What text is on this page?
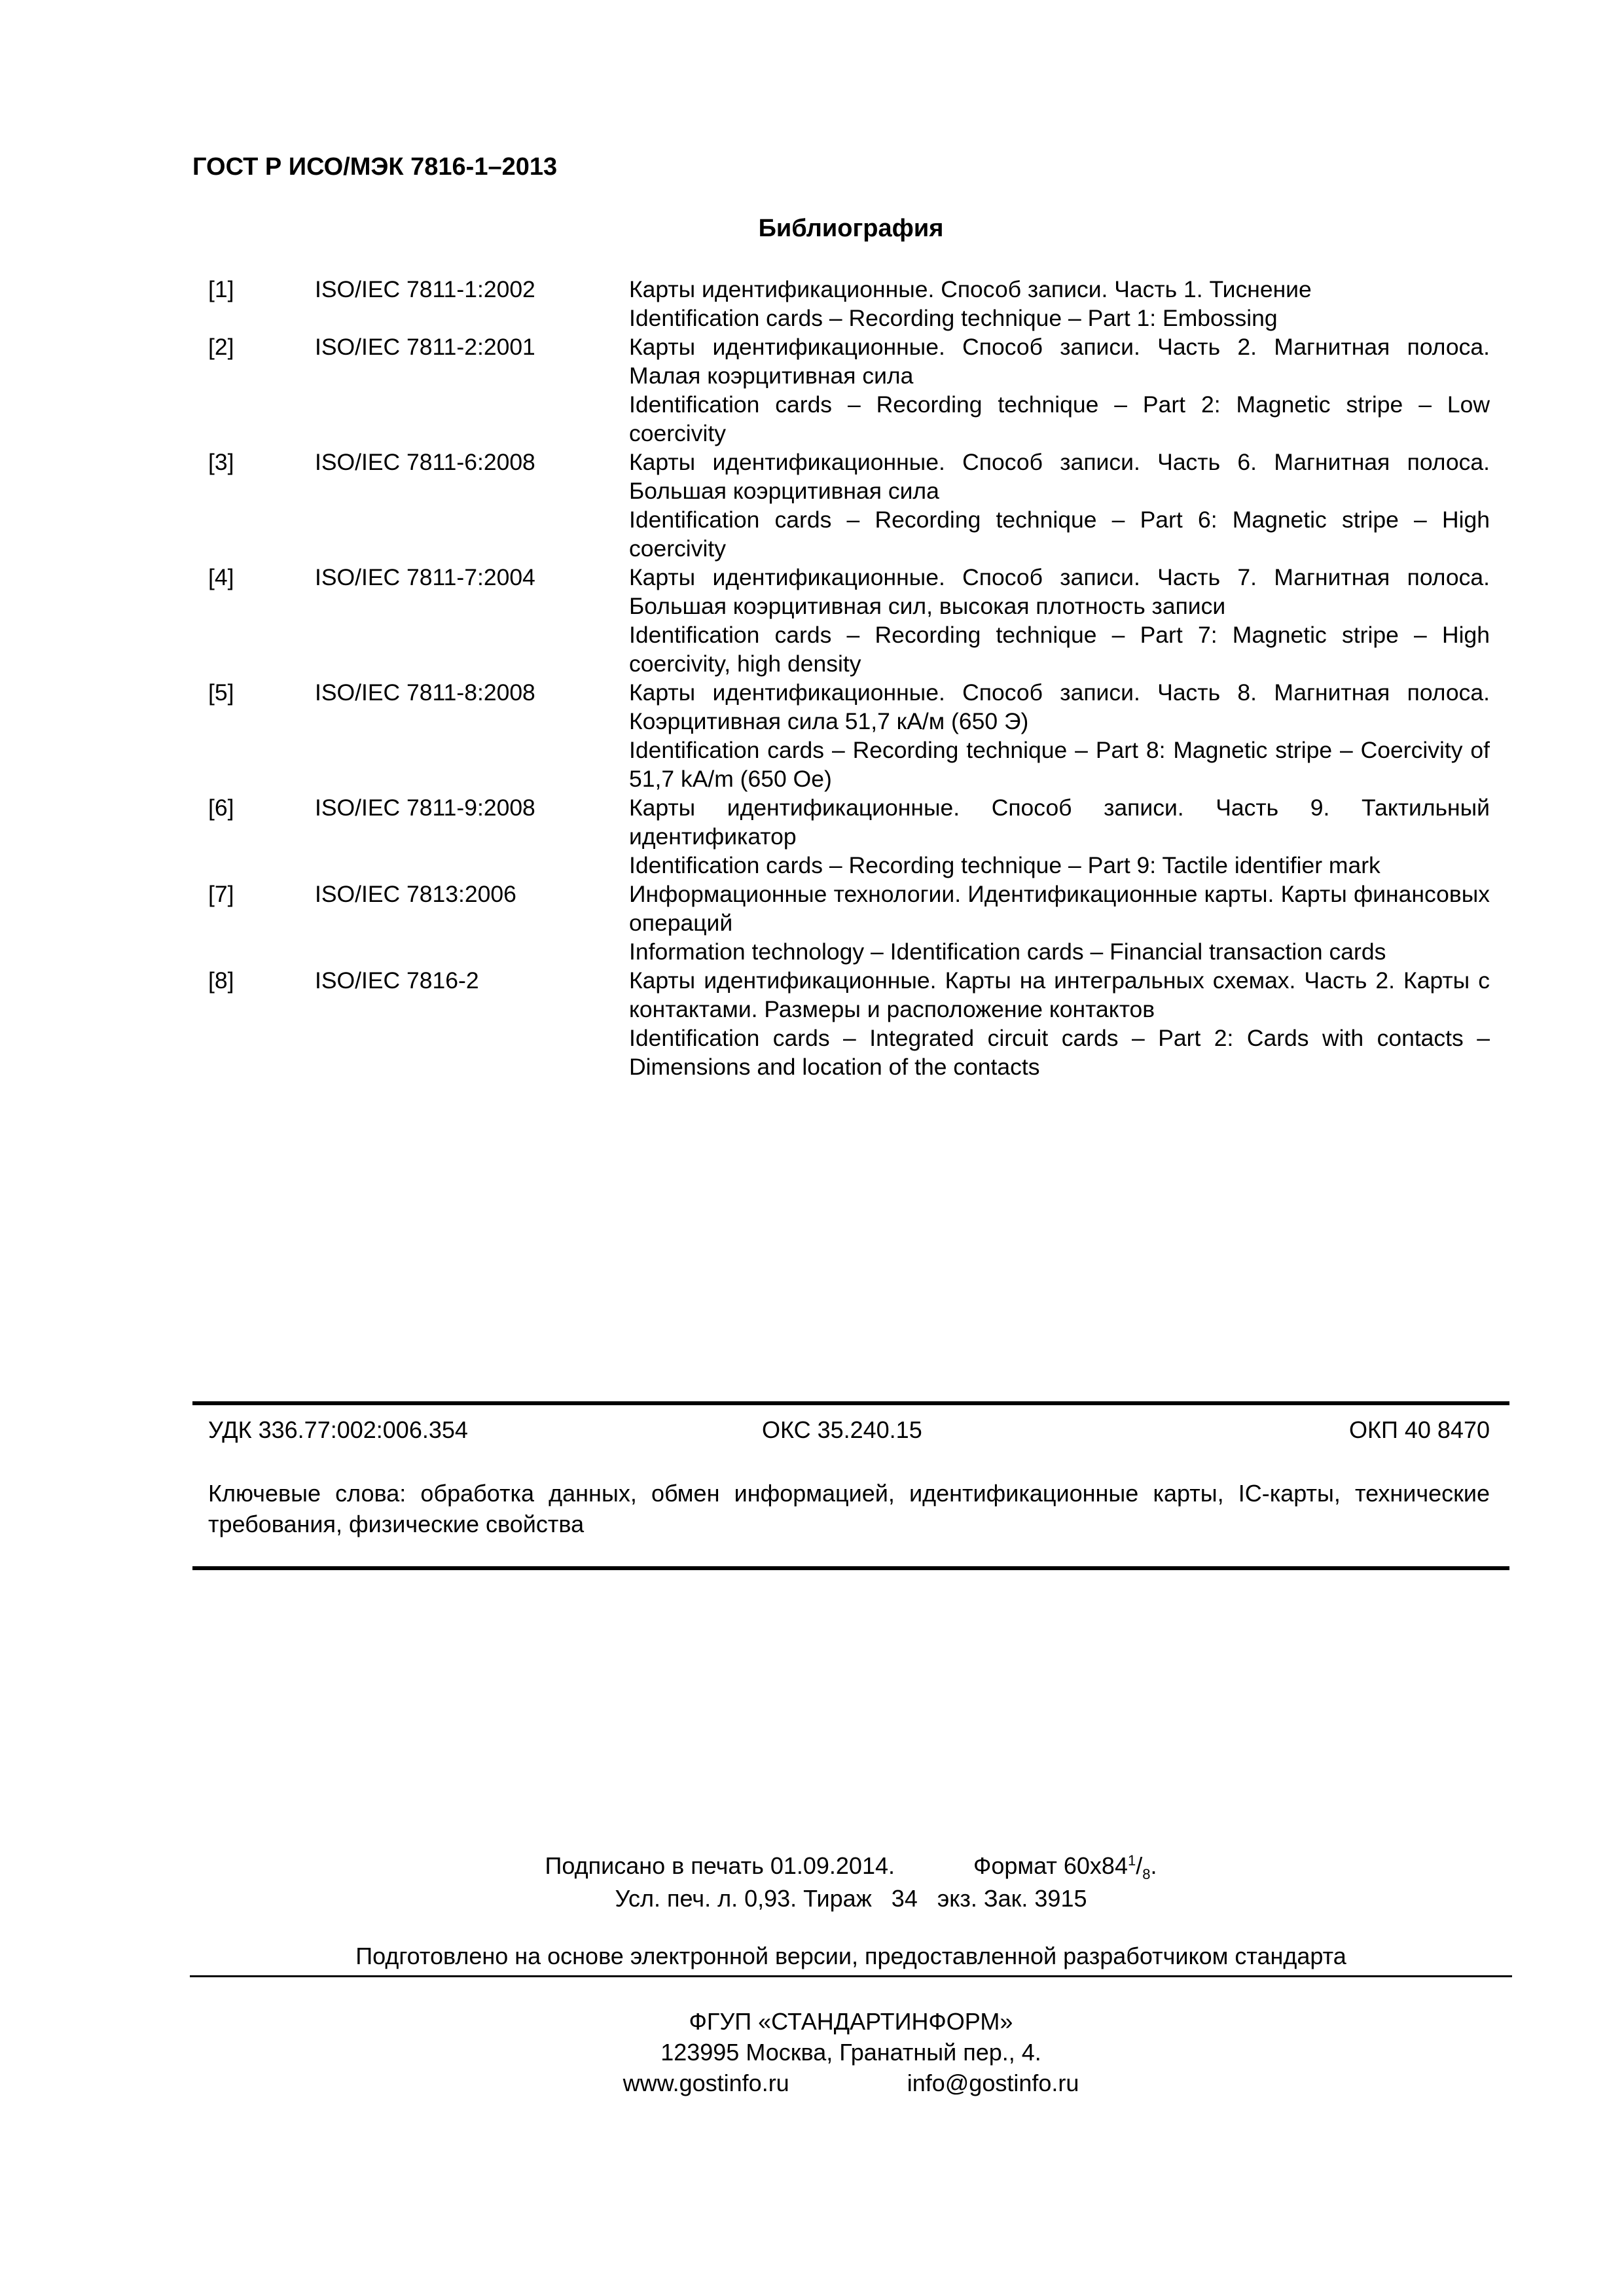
ГОСТ Р ИСО/МЭК 7816-1–2013
Библиография
[1]	ISO/IEC 7811-1:2002	Карты идентификационные. Способ записи. Часть 1. Тиснение
Identification cards – Recording technique – Part 1: Embossing
[2]	ISO/IEC 7811-2:2001	Карты идентификационные. Способ записи. Часть 2. Магнитная полоса. Малая коэрцитивная сила
Identification cards – Recording technique – Part 2: Magnetic stripe – Low coercivity
[3]	ISO/IEC 7811-6:2008	Карты идентификационные. Способ записи. Часть 6. Магнитная полоса. Большая коэрцитивная сила
Identification cards – Recording technique – Part 6: Magnetic stripe – High coercivity
[4]	ISO/IEC 7811-7:2004	Карты идентификационные. Способ записи. Часть 7. Магнитная полоса. Большая коэрцитивная сил, высокая плотность записи
Identification cards – Recording technique – Part 7: Magnetic stripe – High coercivity, high density
[5]	ISO/IEC 7811-8:2008	Карты идентификационные. Способ записи. Часть 8. Магнитная полоса. Коэрцитивная сила 51,7 кА/м (650 Э)
Identification cards – Recording technique – Part 8: Magnetic stripe – Coercivity of 51,7 kA/m (650 Oe)
[6]	ISO/IEC 7811-9:2008	Карты идентификационные. Способ записи. Часть 9. Тактильный идентификатор
Identification cards – Recording technique – Part 9: Tactile identifier mark
[7]	ISO/IEC 7813:2006	Информационные технологии. Идентификационные карты. Карты финансовых операций
Information technology – Identification cards – Financial transaction cards
[8]	ISO/IEC 7816-2	Карты идентификационные. Карты на интегральных схемах. Часть 2. Карты с контактами. Размеры и расположение контактов
Identification cards – Integrated circuit cards – Part 2: Cards with contacts – Dimensions and location of the contacts
УДК 336.77:002:006.354	ОКС 35.240.15	ОКП 40 8470
Ключевые слова: обработка данных, обмен информацией, идентификационные карты, IC-карты, технические требования, физические свойства
Подписано в печать 01.09.2014.	Формат $60х84^1/_8$.
Усл. печ. л. 0,93. Тираж 34 экз. Зак. 3915
Подготовлено на основе электронной версии, предоставленной разработчиком стандарта
ФГУП «СТАНДАРТИНФОРМ»
123995 Москва, Гранатный пер., 4.
www.gostinfo.ru	info@gostinfo.ru
